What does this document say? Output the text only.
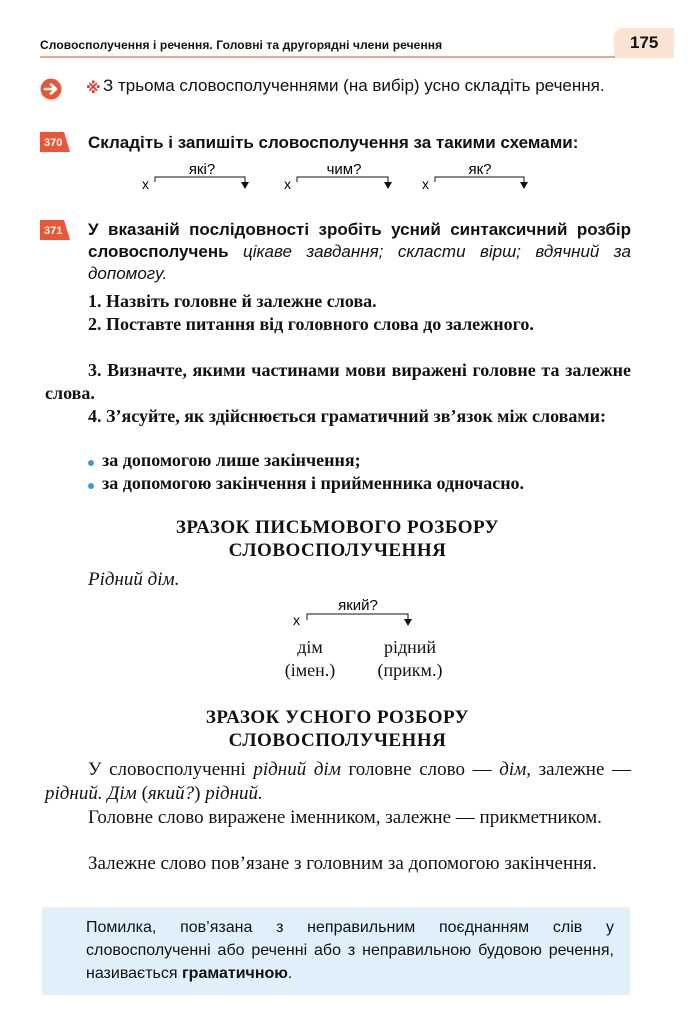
175
Словосполучення і речення. Головні та другорядні члени речення
※ З трьома словосполученнями (на вибір) усно складіть речення.
370 Складіть і запишіть словосполучення за такими схемами:
х
які?
х
чим?
х
як?
371 У вказаній послідовності зробіть усний синтаксичний розбір словосполучень цікаве завдання; скласти вірш; вдячний за допомогу.
1. Назвіть головне й залежне слова.
2. Поставте питання від головного слова до залежного.
3. Визначте, якими частинами мови виражені головне та залежне слова.
4. З’ясуйте, як здійснюється граматичний зв’язок між словами:
за допомогою лише закінчення;
за допомогою закінчення і прийменника одночасно.
ЗРАЗОК ПИСЬМОВОГО РОЗБОРУ
СЛОВОСПОЛУЧЕННЯ
Рідний дім.
х
який?
дім
(імен.)
рідний
(прикм.)
ЗРАЗОК УСНОГО РОЗБОРУ
СЛОВОСПОЛУЧЕННЯ
У словосполученні рідний дім головне слово — дім, залежне — рідний. Дім (який?) рідний.
Головне слово виражене іменником, залежне — прикметником.
Залежне слово пов’язане з головним за допомогою закінчення.
Помилка, пов’язана з неправильним поєднанням слів у словосполученні або реченні або з неправильною будовою речення, називається граматичною.
